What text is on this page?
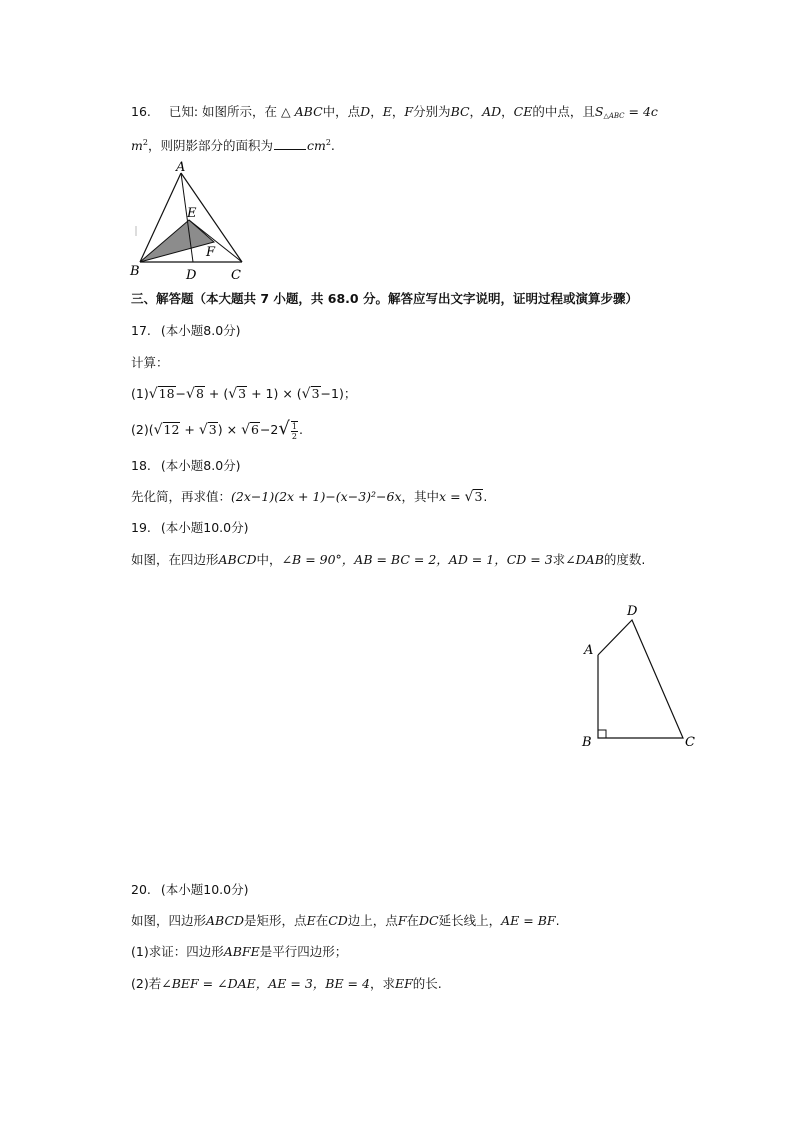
16. 已知: 如图所示，在 △ ABC中，点D，E，F分别为BC，AD，CE的中点，且$S_{\triangle ABC} = 4c$
$m^2$，则阴影部分的面积为	$cm^2$.
A
E
F
B	D	C
三、解答题（本大题共 7 小题，共 68.0 分。解答应写出文字说明，证明过程或演算步骤）
17. (本小题8.0分)
计算：
(1)√18−√8 + (√3 + 1) × (√3−1)；
$(2)(√12 + √3) \times √6-2√ \frac{1}{2}$ .
18. (本小题8.0分)
先化简，再求值：(2x−1)(2x + 1)−(x−3)²−6x，其中x = √3.
19. (本小题10.0分)
如图，在四边形ABCD中，∠B = 90°，AB = BC = 2，AD = 1，CD = 3求∠DAB的度数.
D
A
B	C
20. (本小题10.0分)
如图，四边形ABCD是矩形，点E在CD边上，点F在DC延长线上，AE = BF.
(1)求证：四边形ABFE是平行四边形；
(2)若∠BEF = ∠DAE，AE = 3，BE = 4，求EF的长.
